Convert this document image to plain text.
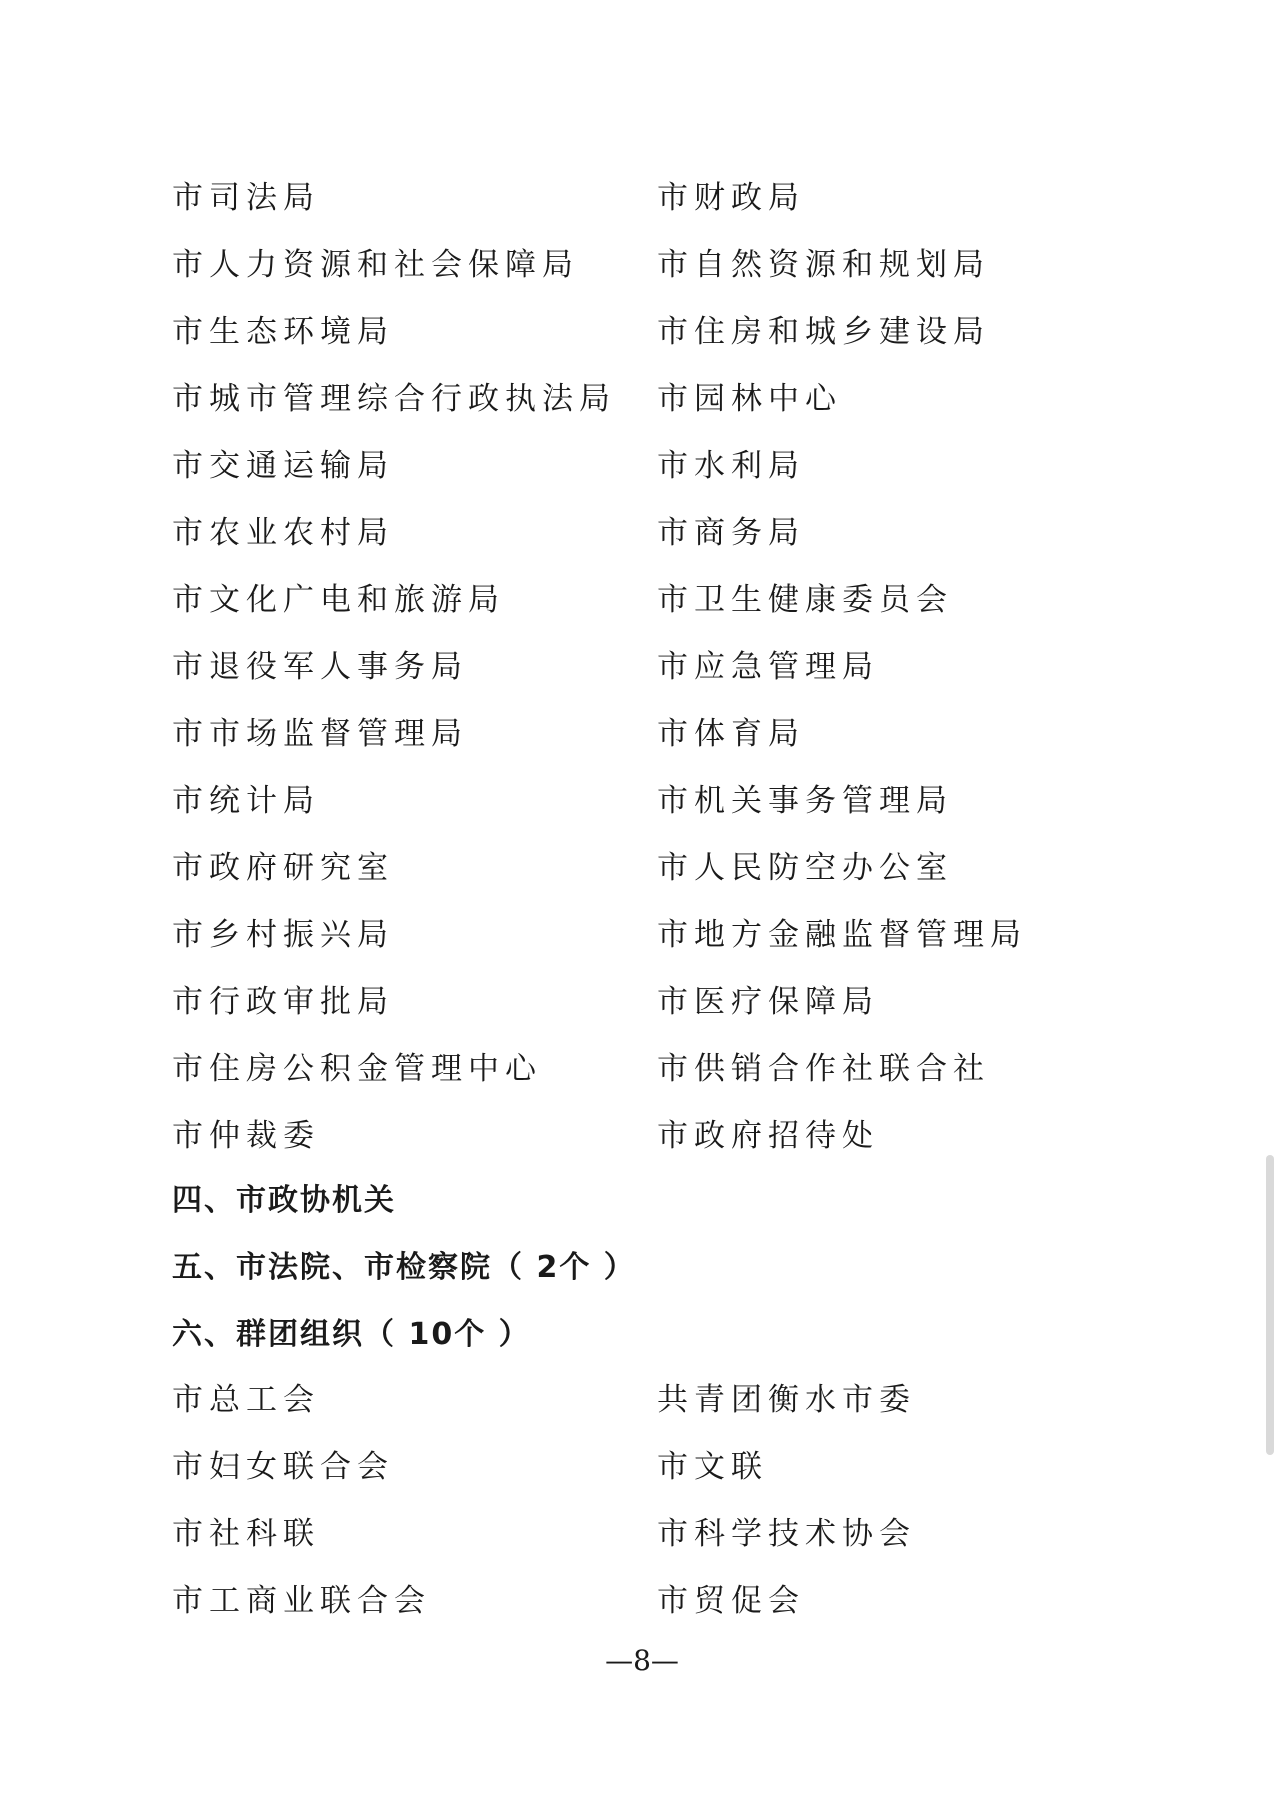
市司法局	市财政局
市人力资源和社会保障局	市自然资源和规划局
市生态环境局	市住房和城乡建设局
市城市管理综合行政执法局 市园林中心
市交通运输局	市水利局
市农业农村局	市商务局
市文化广电和旅游局	市卫生健康委员会
市退役军人事务局	市应急管理局
市市场监督管理局	市体育局
市统计局	市机关事务管理局
市政府研究室	市人民防空办公室
市乡村振兴局	市地方金融监督管理局
市行政审批局	市医疗保障局
市住房公积金管理中心	市供销合作社联合社
市仲裁委	市政府招待处
四、市政协机关
五、市法院、市检察院（ 2个 ）
六、群团组织（ 10个 ）
市总工会	共青团衡水市委
市妇女联合会	市文联
市社科联	市科学技术协会
市工商业联合会	市贸促会
—8—
